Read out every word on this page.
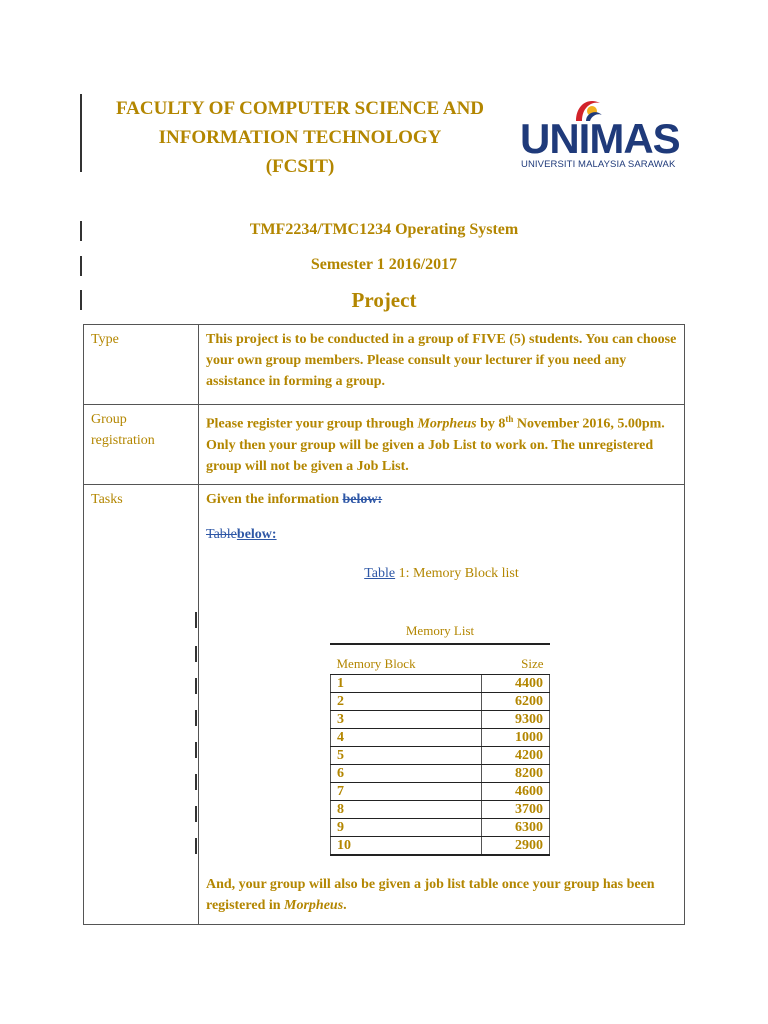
FACULTY OF COMPUTER SCIENCE AND
INFORMATION TECHNOLOGY
(FCSIT)
UNIMAS
UNIVERSITI MALAYSIA SARAWAK
TMF2234/TMC1234 Operating System
Semester 1 2016/2017
Project
Type	This project is to be conducted in a group of FIVE (5) students. You can choose your own group members. Please consult your lecturer if you need any assistance in forming a group.
Group registration	Please register your group through Morpheus by 8th November 2016, 5.00pm. Only then your group will be given a Job List to work on. The unregistered group will not be given a Job List.
Tasks	Given the information below:
Tablebelow:
Table 1: Memory Block list
Memory List
Memory Block	Size
1	4400
2	6200
3	9300
4	1000
5	4200
6	8200
7	4600
8	3700
9	6300
10	2900
And, your group will also be given a job list table once your group has been registered in Morpheus.
